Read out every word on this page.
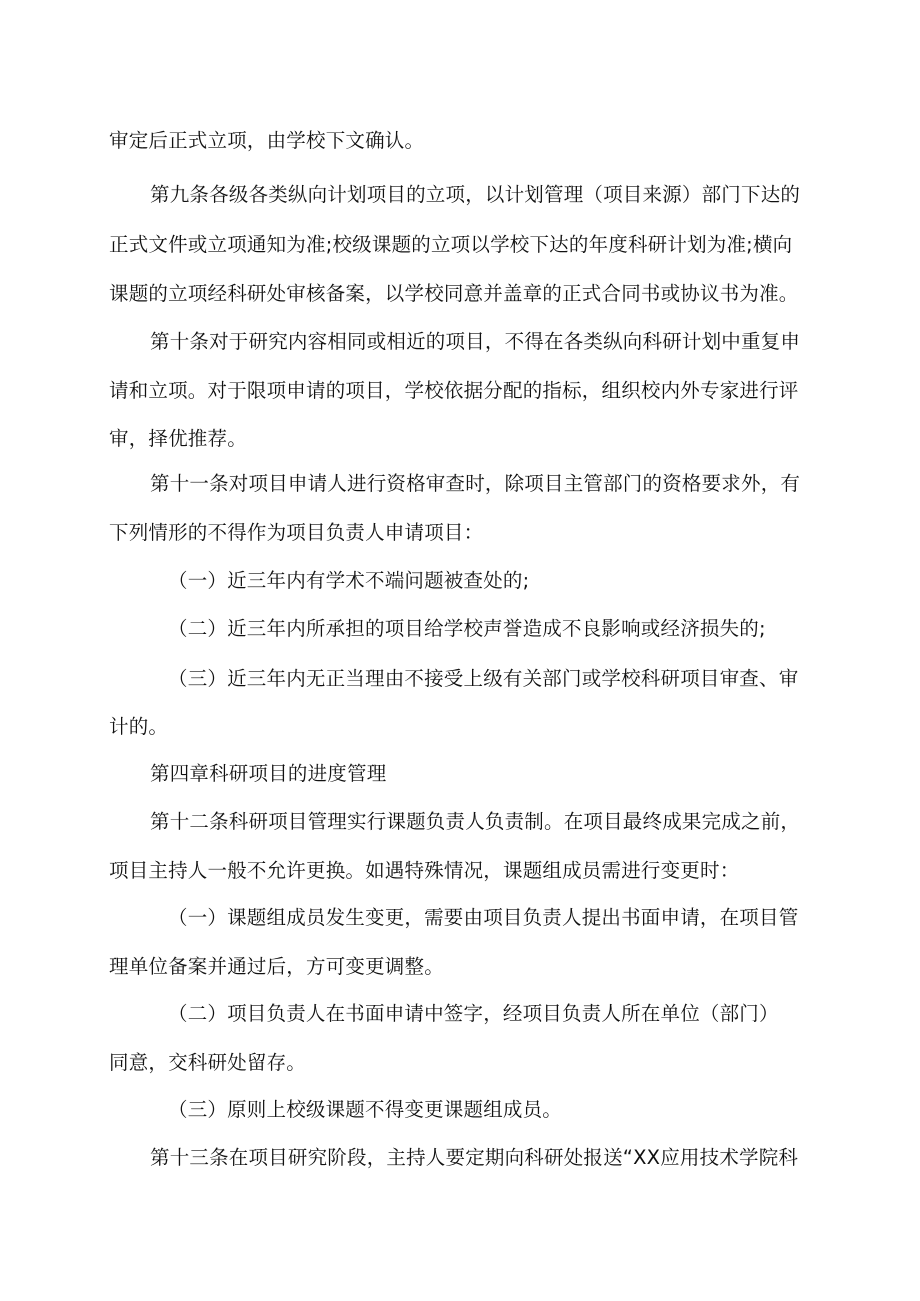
审定后正式立项，由学校下文确认。
第九条各级各类纵向计划项目的立项，以计划管理（项目来源）部门下达的
正式文件或立项通知为准;校级课题的立项以学校下达的年度科研计划为准;横向
课题的立项经科研处审核备案，以学校同意并盖章的正式合同书或协议书为准。
第十条对于研究内容相同或相近的项目，不得在各类纵向科研计划中重复申
请和立项。对于限项申请的项目，学校依据分配的指标，组织校内外专家进行评
审，择优推荐。
第十一条对项目申请人进行资格审查时，除项目主管部门的资格要求外，有
下列情形的不得作为项目负责人申请项目：
（一）近三年内有学术不端问题被查处的;
（二）近三年内所承担的项目给学校声誉造成不良影响或经济损失的;
（三）近三年内无正当理由不接受上级有关部门或学校科研项目审查、审
计的。
第四章科研项目的进度管理
第十二条科研项目管理实行课题负责人负责制。在项目最终成果完成之前，
项目主持人一般不允许更换。如遇特殊情况，课题组成员需进行变更时：
（一）课题组成员发生变更，需要由项目负责人提出书面申请，在项目管
理单位备案并通过后，方可变更调整。
（二）项目负责人在书面申请中签字，经项目负责人所在单位（部门）
同意，交科研处留存。
（三）原则上校级课题不得变更课题组成员。
第十三条在项目研究阶段，主持人要定期向科研处报送“XX应用技术学院科
